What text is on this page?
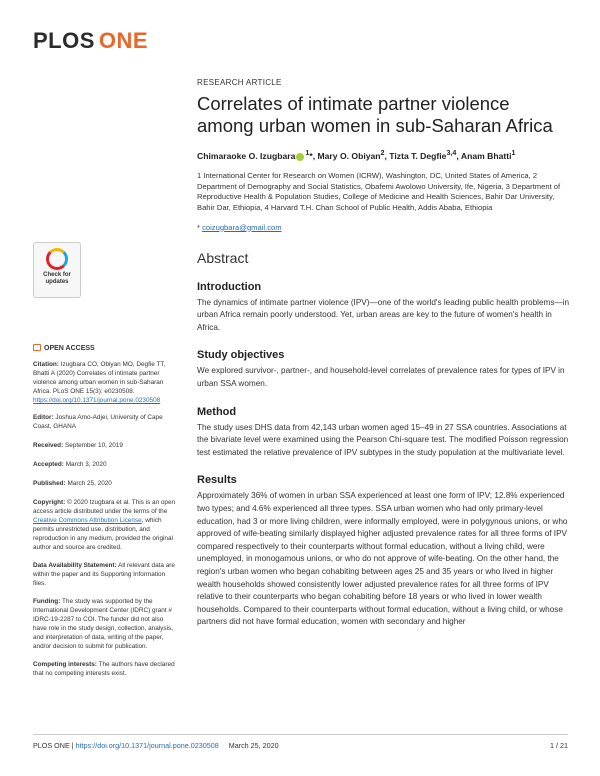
PLOS ONE
RESEARCH ARTICLE
Correlates of intimate partner violence among urban women in sub-Saharan Africa
Chimaraoke O. Izugbara $^1$*, Mary O. Obiyan$^2$, Tizta T. Degfie$^{3,4}$, Anam Bhatti$^1$
1 International Center for Research on Women (ICRW), Washington, DC, United States of America, 2 Department of Demography and Social Statistics, Obafemi Awolowo University, Ife, Nigeria, 3 Department of Reproductive Health & Population Studies, College of Medicine and Health Sciences, Bahir Dar University, Bahir Dar, Ethiopia, 4 Harvard T.H. Chan School of Public Health, Addis Ababa, Ethiopia
* coizugbara@gmail.com
Abstract
Introduction
The dynamics of intimate partner violence (IPV)—one of the world's leading public health problems—in urban Africa remain poorly understood. Yet, urban areas are key to the future of women's health in Africa.
Study objectives
We explored survivor-, partner-, and household-level correlates of prevalence rates for types of IPV in urban SSA women.
Method
The study uses DHS data from 42,143 urban women aged 15–49 in 27 SSA countries. Associations at the bivariate level were examined using the Pearson Chi-square test. The modified Poisson regression test estimated the relative prevalence of IPV subtypes in the study population at the multivariate level.
Results
Approximately 36% of women in urban SSA experienced at least one form of IPV; 12.8% experienced two types; and 4.6% experienced all three types. SSA urban women who had only primary-level education, had 3 or more living children, were informally employed, were in polygynous unions, or who approved of wife-beating similarly displayed higher adjusted prevalence rates for all three forms of IPV compared respectively to their counterparts without formal education, without a living child, were unemployed, in monogamous unions, or who do not approve of wife-beating. On the other hand, the region's urban women who began cohabiting between ages 25 and 35 years or who lived in higher wealth households showed consistently lower adjusted prevalence rates for all three forms of IPV relative to their counterparts who began cohabiting before 18 years or who lived in lower wealth households. Compared to their counterparts without formal education, without a living child, or whose partners did not have formal education, women with secondary and higher
Check for
updates
OPEN ACCESS

Citation: Izugbara CO, Obiyan MO, Degfie TT, Bhatti A (2020) Correlates of intimate partner violence among urban women in sub-Saharan Africa. PLoS ONE 15(3): e0230508. https://doi.org/10.1371/journal.pone.0230508

Editor: Joshua Amo-Adjei, University of Cape Coast, GHANA

Received: September 10, 2019

Accepted: March 3, 2020

Published: March 25, 2020

Copyright: © 2020 Izugbara et al. This is an open access article distributed under the terms of the Creative Commons Attribution License, which permits unrestricted use, distribution, and reproduction in any medium, provided the original author and source are credited.

Data Availability Statement: All relevant data are within the paper and its Supporting Information files.

Funding: The study was supported by the International Development Center (IDRC) grant # IDRC-19-2287 to COI. The funder did not also have role in the study design, collection, analysis, and interpretation of data, writing of the paper, and/or decision to submit for publication.

Competing interests: The authors have declared that no competing interests exist.

PLOS ONE | https://doi.org/10.1371/journal.pone.0230508 March 25, 2020	1 / 21
